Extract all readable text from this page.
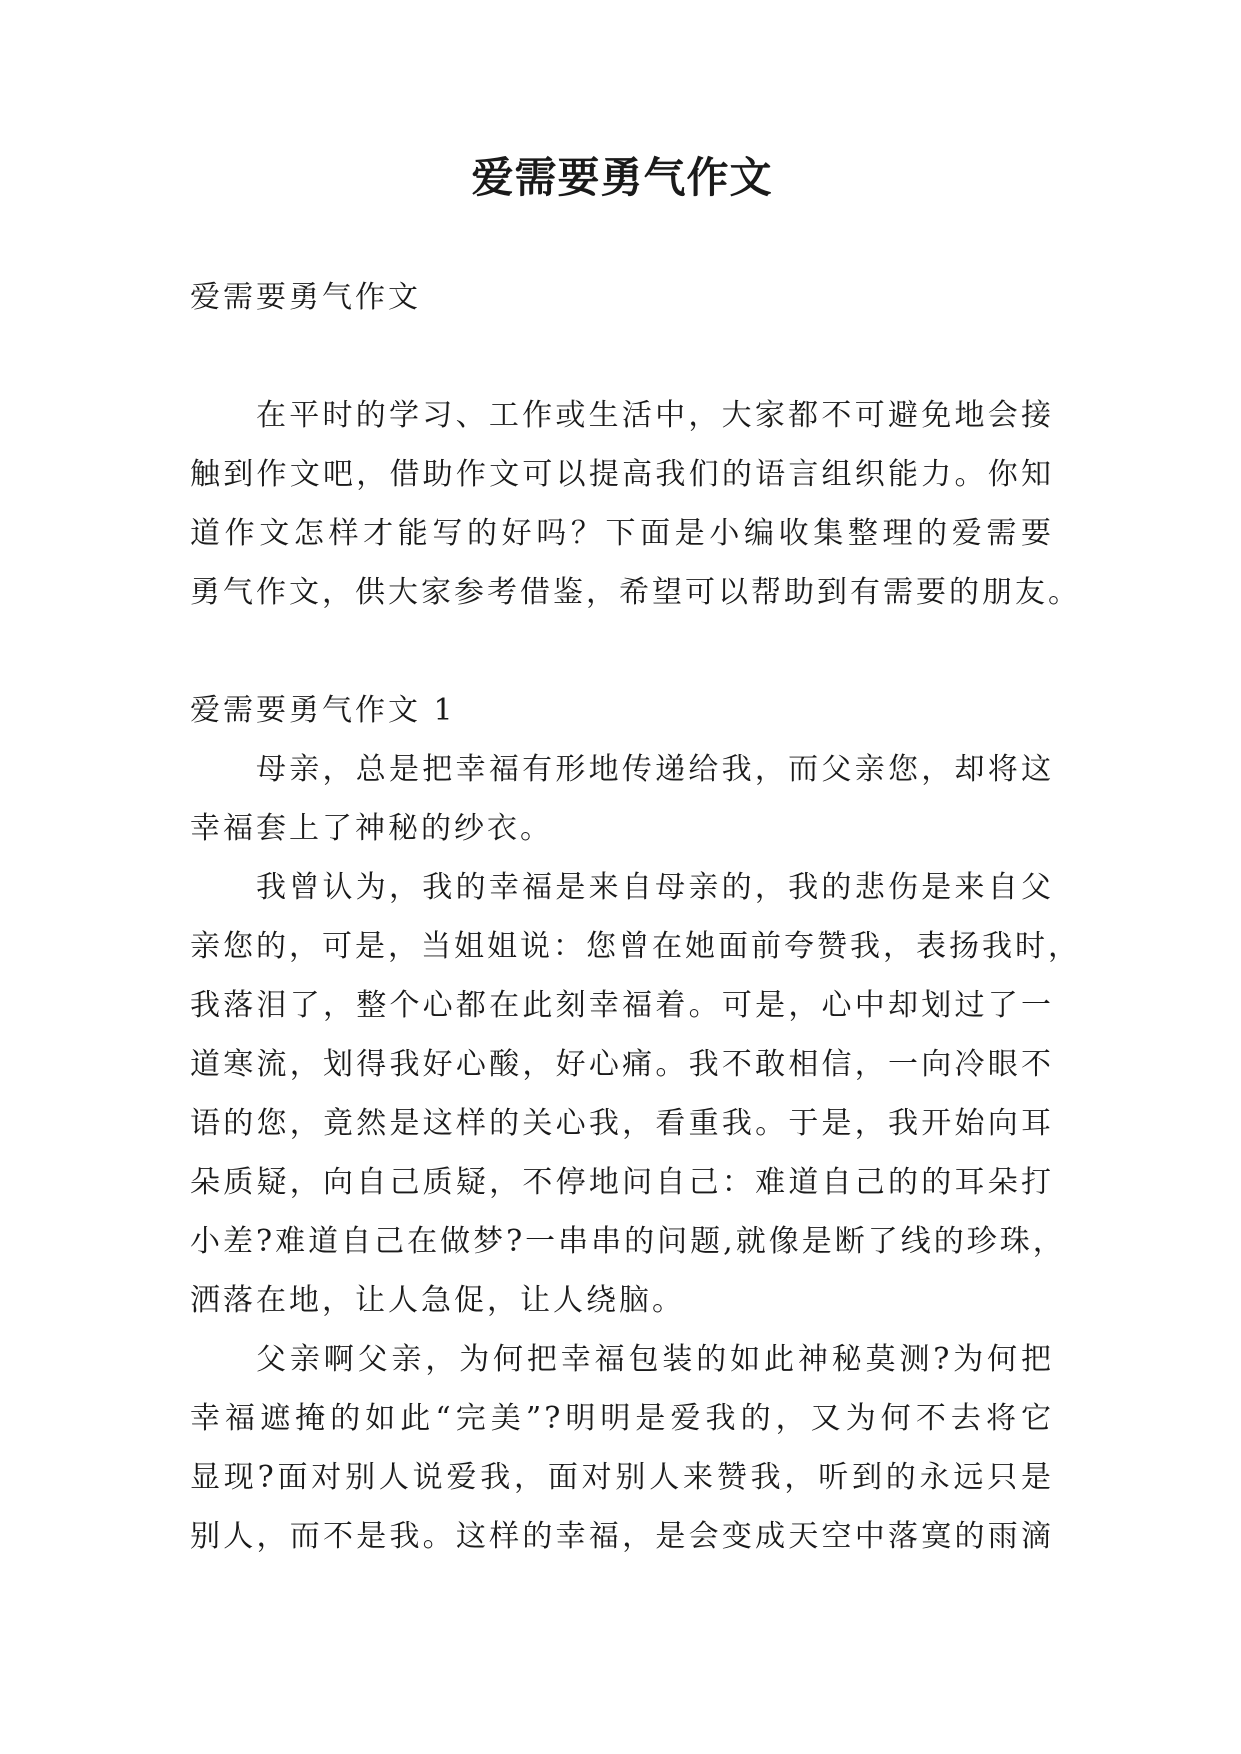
爱需要勇气作文
爱需要勇气作文
在平时的学习、工作或生活中，大家都不可避免地会接
触到作文吧，借助作文可以提高我们的语言组织能力。你知
道作文怎样才能写的好吗？下面是小编收集整理的爱需要
勇气作文，供大家参考借鉴，希望可以帮助到有需要的朋友。
爱需要勇气作文 1
母亲，总是把幸福有形地传递给我，而父亲您，却将这
幸福套上了神秘的纱衣。
我曾认为，我的幸福是来自母亲的，我的悲伤是来自父
亲您的，可是，当姐姐说：您曾在她面前夸赞我，表扬我时，
我落泪了，整个心都在此刻幸福着。可是，心中却划过了一
道寒流，划得我好心酸，好心痛。我不敢相信，一向冷眼不
语的您，竟然是这样的关心我，看重我。于是，我开始向耳
朵质疑，向自己质疑，不停地问自己：难道自己的的耳朵打
小差?难道自己在做梦?一串串的问题,就像是断了线的珍珠，
洒落在地，让人急促，让人绕脑。
父亲啊父亲，为何把幸福包装的如此神秘莫测?为何把
幸福遮掩的如此“完美”?明明是爱我的，又为何不去将它
显现?面对别人说爱我，面对别人来赞我，听到的永远只是
别人，而不是我。这样的幸福，是会变成天空中落寞的雨滴
